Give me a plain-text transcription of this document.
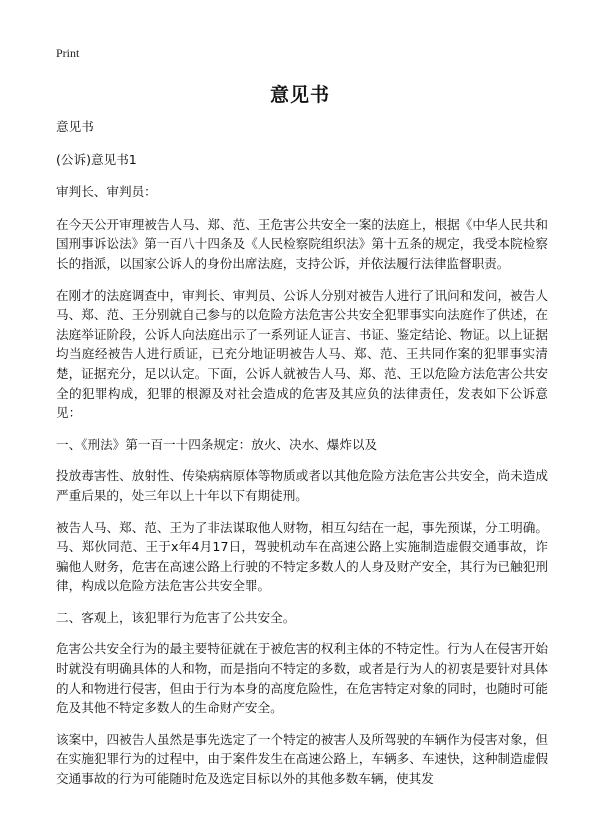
Print
意见书

意见书

(公诉)意见书1

审判长、审判员：

在今天公开审理被告人马、郑、范、王危害公共安全一案的法庭上，根据《中华人民共和国刑事诉讼法》第一百八十四条及《人民检察院组织法》第十五条的规定，我受本院检察长的指派，以国家公诉人的身份出席法庭，支持公诉，并依法履行法律监督职责。

在刚才的法庭调查中，审判长、审判员、公诉人分别对被告人进行了讯问和发问，被告人马、郑、范、王分别就自己参与的以危险方法危害公共安全犯罪事实向法庭作了供述，在法庭举证阶段，公诉人向法庭出示了一系列证人证言、书证、鉴定结论、物证。以上证据均当庭经被告人进行质证，已充分地证明被告人马、郑、范、王共同作案的犯罪事实清楚，证据充分，足以认定。下面，公诉人就被告人马、郑、范、王以危险方法危害公共安全的犯罪构成，犯罪的根源及对社会造成的危害及其应负的法律责任，发表如下公诉意见：

一、《刑法》第一百一十四条规定：放火、决水、爆炸以及

投放毒害性、放射性、传染病病原体等物质或者以其他危险方法危害公共安全，尚未造成严重后果的，处三年以上十年以下有期徒刑。

被告人马、郑、范、王为了非法谋取他人财物，相互勾结在一起，事先预谋，分工明确。马、郑伙同范、王于x年4月17日，驾驶机动车在高速公路上实施制造虚假交通事故，诈骗他人财务，危害在高速公路上行驶的不特定多数人的人身及财产安全，其行为已触犯刑律，构成以危险方法危害公共安全罪。

二、客观上，该犯罪行为危害了公共安全。

危害公共安全行为的最主要特征就在于被危害的权利主体的不特定性。行为人在侵害开始时就没有明确具体的人和物，而是指向不特定的多数，或者是行为人的初衷是要针对具体的人和物进行侵害，但由于行为本身的高度危险性，在危害特定对象的同时，也随时可能危及其他不特定多数人的生命财产安全。

该案中，四被告人虽然是事先选定了一个特定的被害人及所驾驶的车辆作为侵害对象，但在实施犯罪行为的过程中，由于案件发生在高速公路上，车辆多、车速快，这种制造虚假交通事故的行为可能随时危及选定目标以外的其他多数车辆，使其发
